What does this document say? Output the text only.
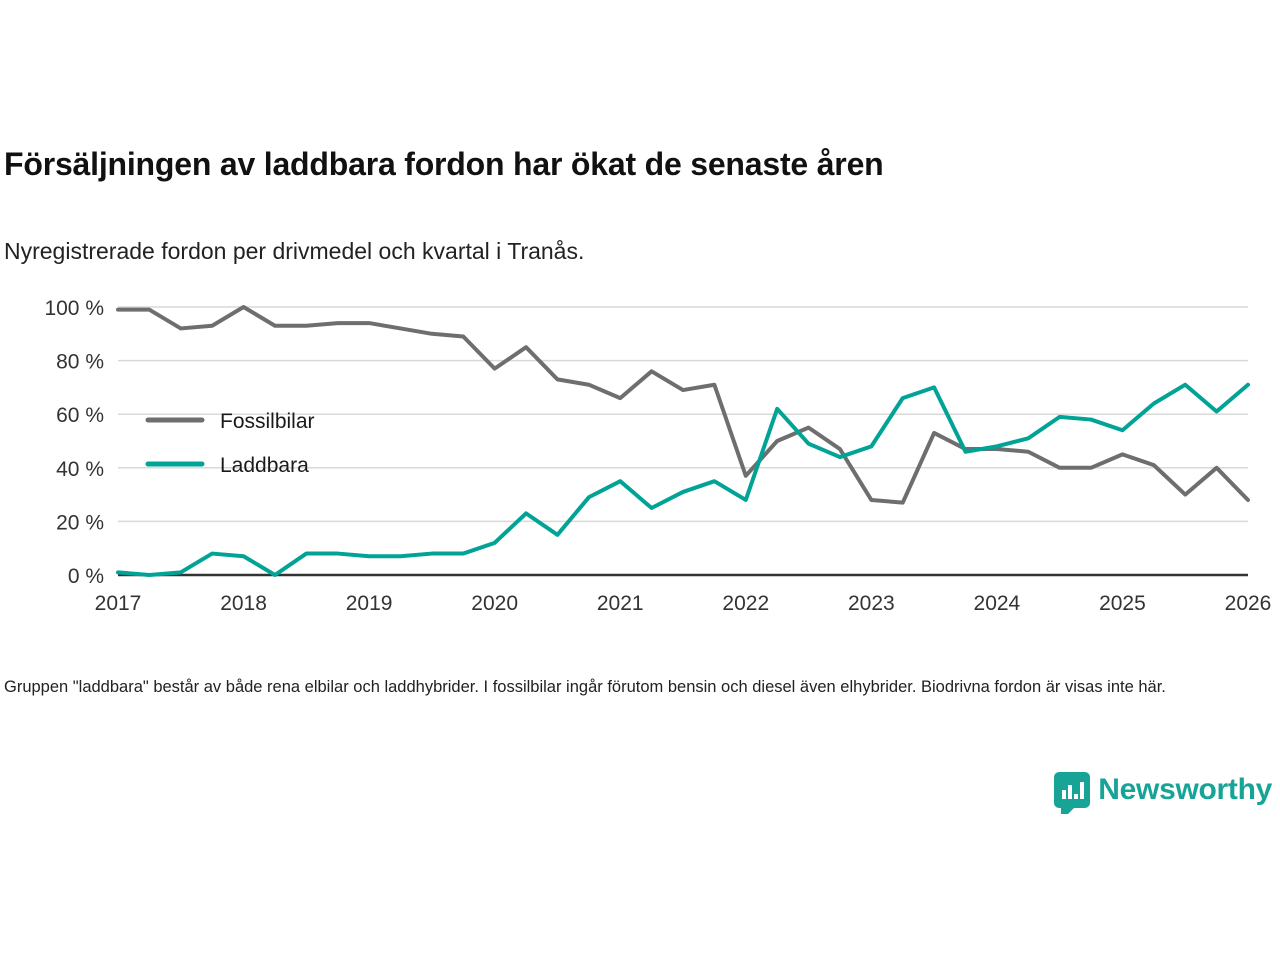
Försäljningen av laddbara fordon har ökat de senaste åren
Nyregistrerade fordon per drivmedel och kvartal i Tranås.
0 %
20 %
40 %
60 %
80 %
100 %
2017	2018	2019	2020	2021	2022	2023	2024	2025	2026
Fossilbilar
Laddbara
Gruppen "laddbara" består av både rena elbilar och laddhybrider. I fossilbilar ingår förutom bensin och diesel även elhybrider. Biodrivna fordon är visas inte här.
Newsworthy
